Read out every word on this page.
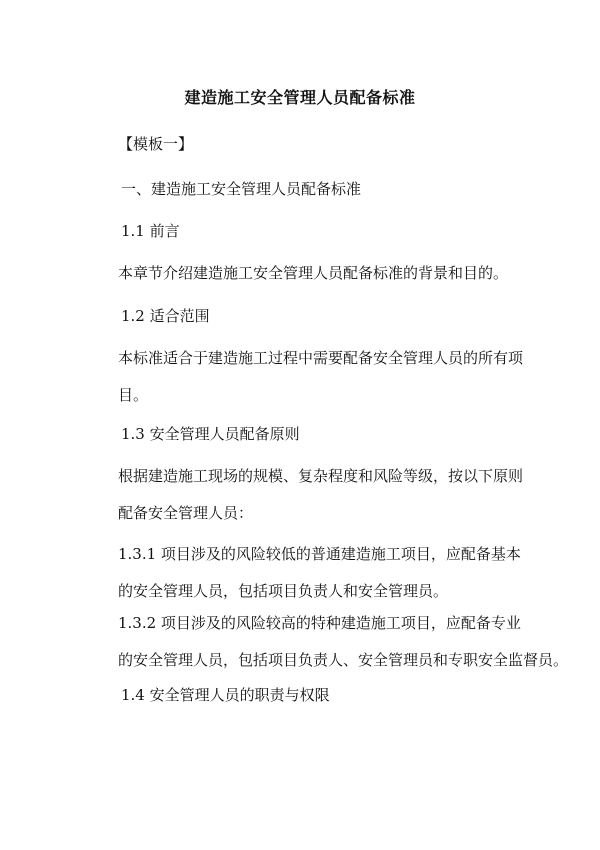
建造施工安全管理人员配备标准
【模板一】
一、建造施工安全管理人员配备标准
1.1 前言
本章节介绍建造施工安全管理人员配备标准的背景和目的。
1.2 适合范围
本标准适合于建造施工过程中需要配备安全管理人员的所有项
目。
1.3 安全管理人员配备原则
根据建造施工现场的规模、复杂程度和风险等级，按以下原则
配备安全管理人员：
1.3.1 项目涉及的风险较低的普通建造施工项目，应配备基本
的安全管理人员，包括项目负责人和安全管理员。
1.3.2 项目涉及的风险较高的特种建造施工项目，应配备专业
的安全管理人员，包括项目负责人、安全管理员和专职安全监督员。
1.4 安全管理人员的职责与权限
